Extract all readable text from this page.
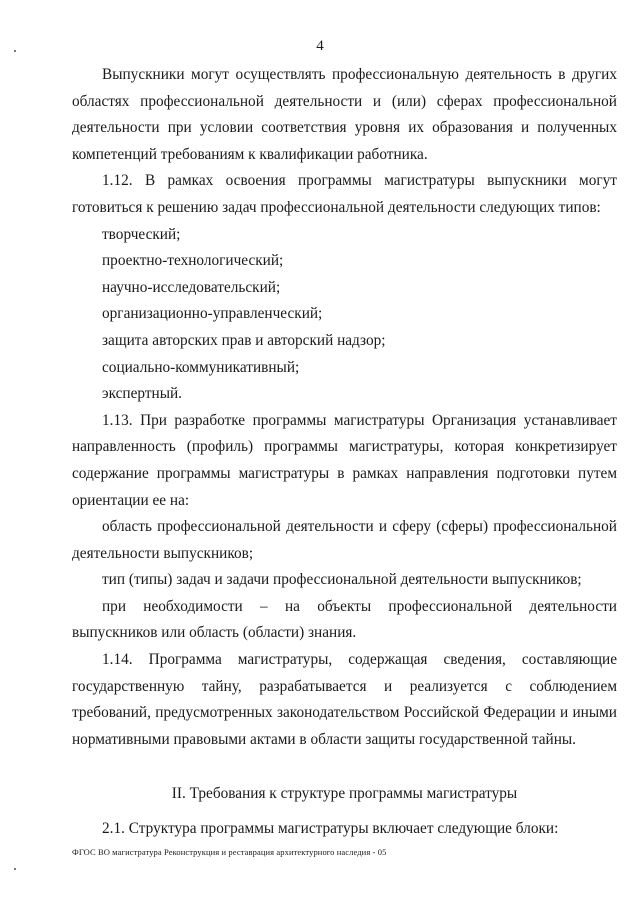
4

Выпускники могут осуществлять профессиональную деятельность в других областях профессиональной деятельности и (или) сферах профессиональной деятельности при условии соответствия уровня их образования и полученных компетенций требованиям к квалификации работника.

1.12. В рамках освоения программы магистратуры выпускники могут готовиться к решению задач профессиональной деятельности следующих типов:

творческий;

проектно-технологический;

научно-исследовательский;

организационно-управленческий;

защита авторских прав и авторский надзор;

социально-коммуникативный;

экспертный.

1.13. При разработке программы магистратуры Организация устанавливает направленность (профиль) программы магистратуры, которая конкретизирует содержание программы магистратуры в рамках направления подготовки путем ориентации ее на:

область профессиональной деятельности и сферу (сферы) профессиональной деятельности выпускников;

тип (типы) задач и задачи профессиональной деятельности выпускников;

при необходимости – на объекты профессиональной деятельности выпускников или область (области) знания.

1.14. Программа магистратуры, содержащая сведения, составляющие государственную тайну, разрабатывается и реализуется с соблюдением требований, предусмотренных законодательством Российской Федерации и иными нормативными правовыми актами в области защиты государственной тайны.

II. Требования к структуре программы магистратуры

2.1. Структура программы магистратуры включает следующие блоки:

ФГОС ВО магистратура Реконструкция и реставрация архитектурного наследия - 05
